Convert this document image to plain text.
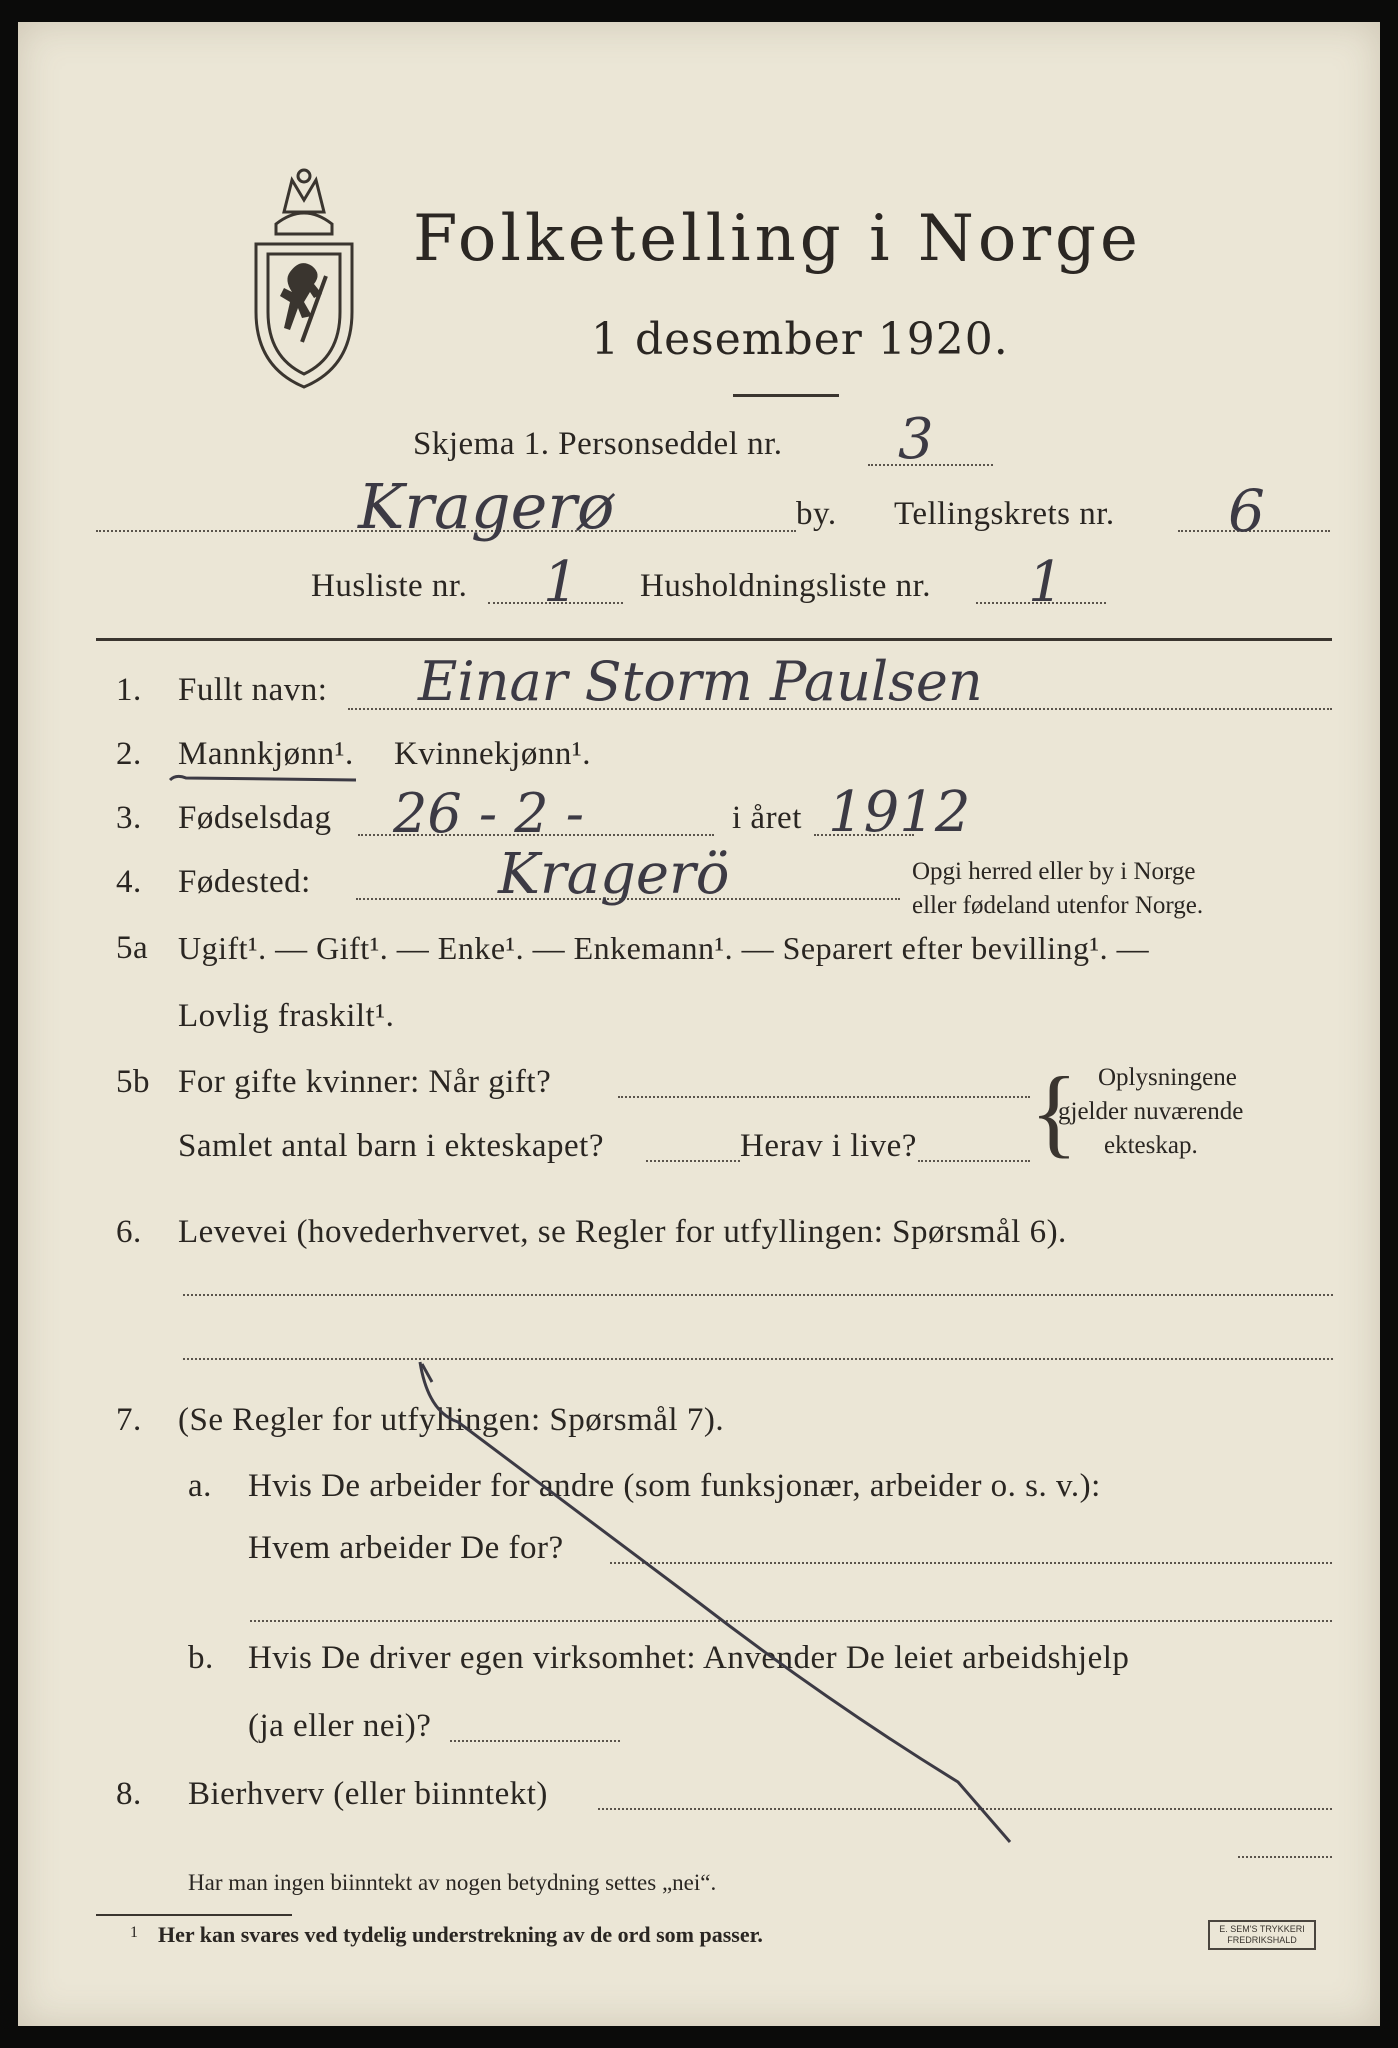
Folketelling i Norge
1 desember 1920.
Skjema 1. Personseddel nr. 3
Kragerø	by. Tellingskrets nr. 6
Husliste nr. 1 Husholdningsliste nr. 1
1. Fullt navn: Einar Storm Paulsen
2. Mannkjønn¹. Kvinnekjønn¹.
3. Fødselsdag 26 - 2 -	i året 1912
4. Fødested:	Kragerö	Opgi herred eller by i Norge
eller fødeland utenfor Norge.
5a Ugift¹. — Gift¹. — Enke¹. — Enkemann¹. — Separert efter bevilling¹. —
Lovlig fraskilt¹.
5b For gifte kvinner: Når gift?
Samlet antal barn i ekteskapet?	Herav i live? { Oplysningene
gjelder nuværende
ekteskap.
6. Levevei (hovederhvervet, se Regler for utfyllingen: Spørsmål 6).
7. (Se Regler for utfyllingen: Spørsmål 7).
a. Hvis De arbeider for andre (som funksjonær, arbeider o. s. v.):
Hvem arbeider De for?
b. Hvis De driver egen virksomhet: Anvender De leiet arbeidshjelp
(ja eller nei)?
8. Bierhverv (eller biinntekt)
Har man ingen biinntekt av nogen betydning settes „nei“.
1 Her kan svares ved tydelig understrekning av de ord som passer.	E. SEM'S TRYKKERI
FREDRIKSHALD
